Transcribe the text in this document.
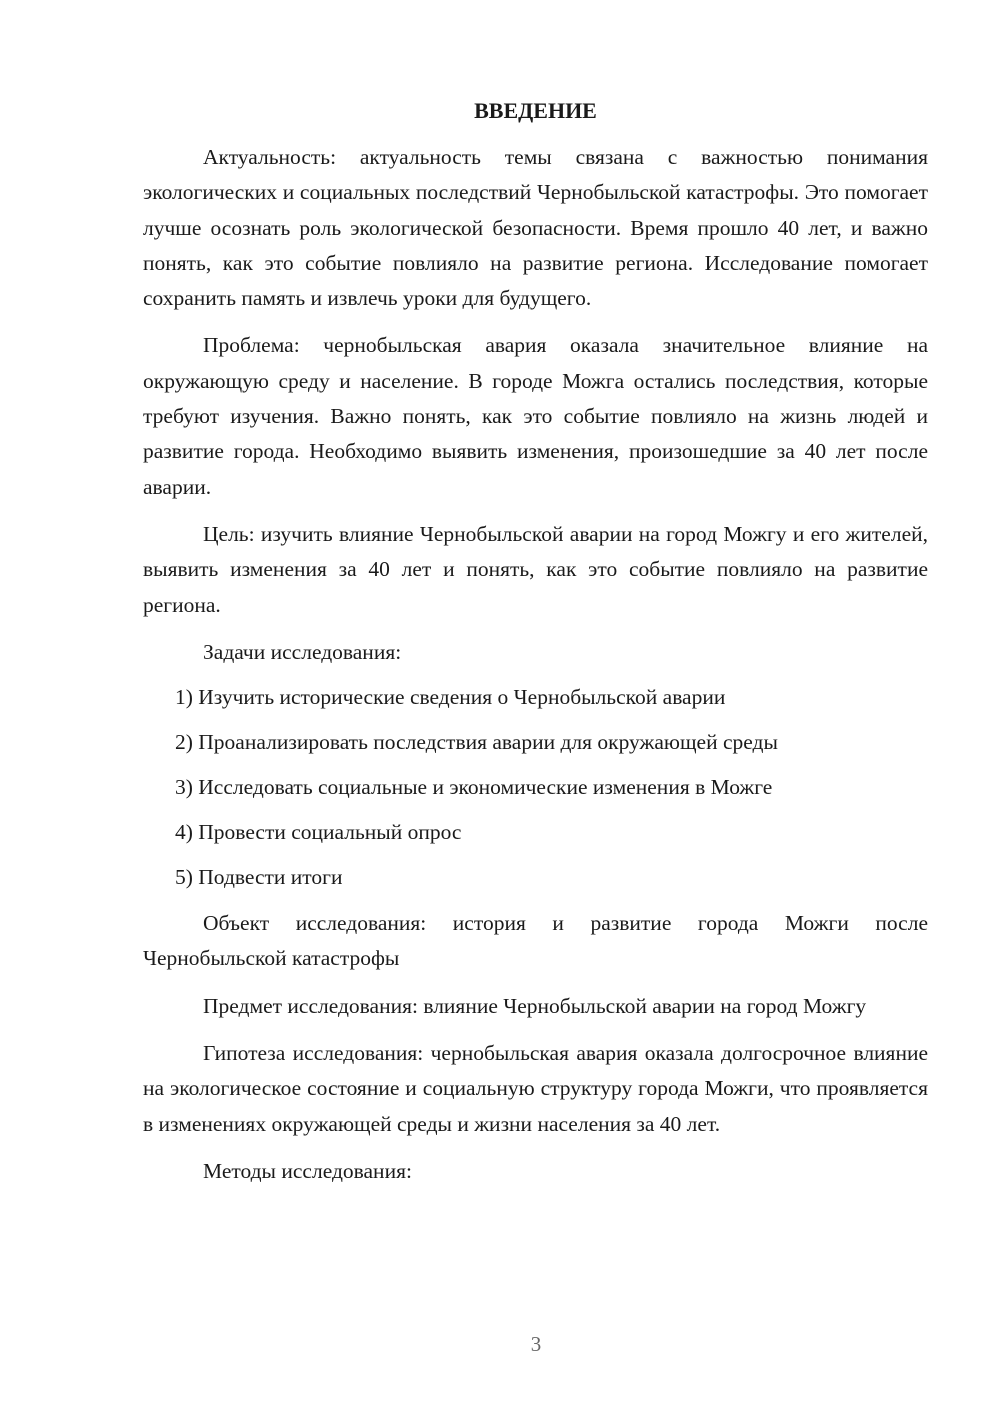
ВВЕДЕНИЕ

Актуальность: актуальность темы связана с важностью понимания экологических и социальных последствий Чернобыльской катастрофы. Это помогает лучше осознать роль экологической безопасности. Время прошло 40 лет, и важно понять, как это событие повлияло на развитие региона. Исследование помогает сохранить память и извлечь уроки для будущего.

Проблема: чернобыльская авария оказала значительное влияние на окружающую среду и население. В городе Можга остались последствия, которые требуют изучения. Важно понять, как это событие повлияло на жизнь людей и развитие города. Необходимо выявить изменения, произошедшие за 40 лет после аварии.

Цель: изучить влияние Чернобыльской аварии на город Можгу и его жителей, выявить изменения за 40 лет и понять, как это событие повлияло на развитие региона.

Задачи исследования:

1) Изучить исторические сведения о Чернобыльской аварии
2) Проанализировать последствия аварии для окружающей среды
3) Исследовать социальные и экономические изменения в Можге
4) Провести социальный опрос
5) Подвести итоги

Объект исследования: история и развитие города Можги после Чернобыльской катастрофы

Предмет исследования: влияние Чернобыльской аварии на город Можгу

Гипотеза исследования: чернобыльская авария оказала долгосрочное влияние на экологическое состояние и социальную структуру города Можги, что проявляется в изменениях окружающей среды и жизни населения за 40 лет.

Методы исследования:

3
